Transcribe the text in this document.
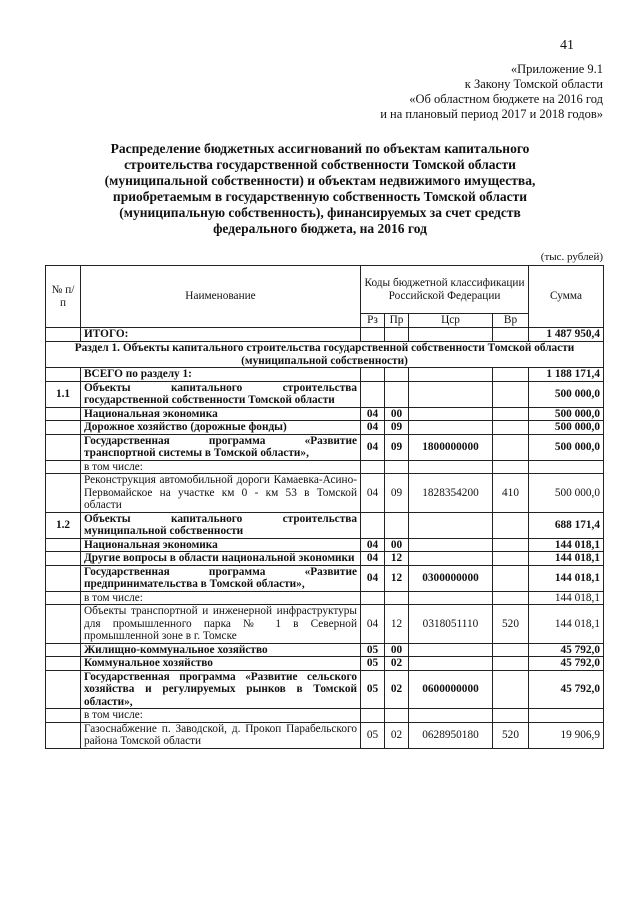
41
«Приложение 9.1
к Закону Томской области
«Об областном бюджете на 2016 год
и на плановый период 2017 и 2018 годов»
Распределение бюджетных ассигнований по объектам капитального
строительства государственной собственности Томской области
(муниципальной собственности) и объектам недвижимого имущества,
приобретаемым в государственную собственность Томской области
(муниципальную собственность), финансируемых за счет средств
федерального бюджета, на 2016 год
(тыс. рублей)
№ п/п	Наименование	Коды бюджетной классификации Российской Федерации				Сумма
		Рз	Пр	Цср	Вр	
	ИТОГО:					1 487 950,4
Раздел 1. Объекты капитального строительства государственной собственности Томской области (муниципальной собственности)						
	ВСЕГО по разделу 1:					1 188 171,4
1.1	Объекты капитального строительства государственной собственности Томской области					500 000,0
	Национальная экономика	04	00			500 000,0
	Дорожное хозяйство (дорожные фонды)	04	09			500 000,0
	Государственная программа «Развитие транспортной системы в Томской области»,	04	09	1800000000		500 000,0
	в том числе:					
	Реконструкция автомобильной дороги Камаевка-Асино-Первомайское на участке км 0 - км 53 в Томской области	04	09	1828354200	410	500 000,0
1.2	Объекты капитального строительства муниципальной собственности					688 171,4
	Национальная экономика	04	00			144 018,1
	Другие вопросы в области национальной экономики	04	12			144 018,1
	Государственная программа «Развитие предпринимательства в Томской области»,	04	12	0300000000		144 018,1
	в том числе:					144 018,1
	Объекты транспортной и инженерной инфраструктуры для промышленного парка № 1 в Северной промышленной зоне в г. Томске	04	12	0318051110	520	144 018,1
	Жилищно-коммунальное хозяйство	05	00			45 792,0
	Коммунальное хозяйство	05	02			45 792,0
	Государственная программа «Развитие сельского хозяйства и регулируемых рынков в Томской области»,	05	02	0600000000		45 792,0
	в том числе:					
	Газоснабжение п. Заводской, д. Прокоп Парабельского района Томской области	05	02	0628950180	520	19 906,9
